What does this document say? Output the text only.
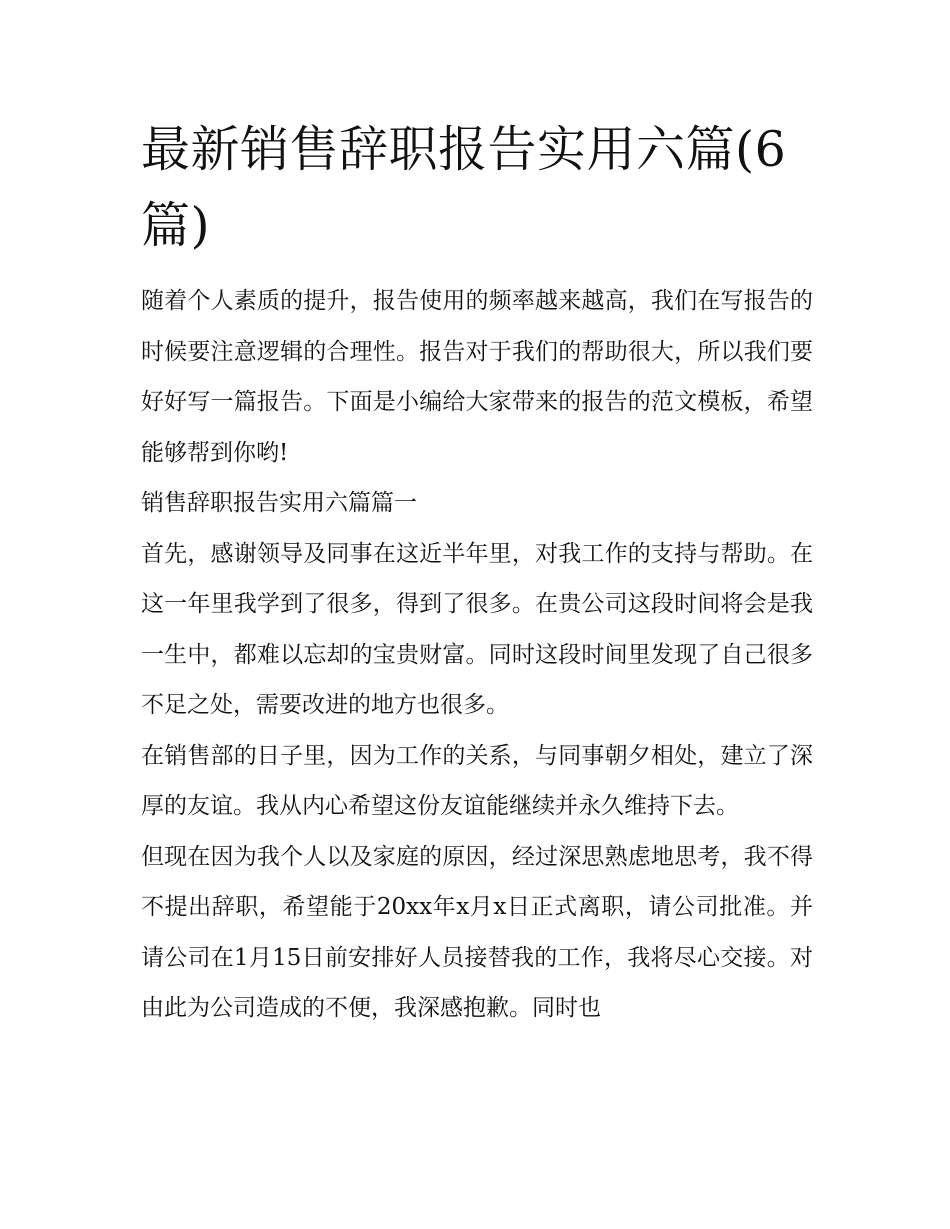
最新销售辞职报告实用六篇(6篇)

随着个人素质的提升，报告使用的频率越来越高，我们在写报告的时候要注意逻辑的合理性。报告对于我们的帮助很大，所以我们要好好写一篇报告。下面是小编给大家带来的报告的范文模板，希望能够帮到你哟!

销售辞职报告实用六篇篇一

首先，感谢领导及同事在这近半年里，对我工作的支持与帮助。在这一年里我学到了很多，得到了很多。在贵公司这段时间将会是我一生中，都难以忘却的宝贵财富。同时这段时间里发现了自己很多不足之处，需要改进的地方也很多。

在销售部的日子里，因为工作的关系，与同事朝夕相处，建立了深厚的友谊。我从内心希望这份友谊能继续并永久维持下去。

但现在因为我个人以及家庭的原因，经过深思熟虑地思考，我不得不提出辞职，希望能于20xx年x月x日正式离职，请公司批准。并请公司在1月15日前安排好人员接替我的工作，我将尽心交接。对由此为公司造成的不便，我深感抱歉。同时也
